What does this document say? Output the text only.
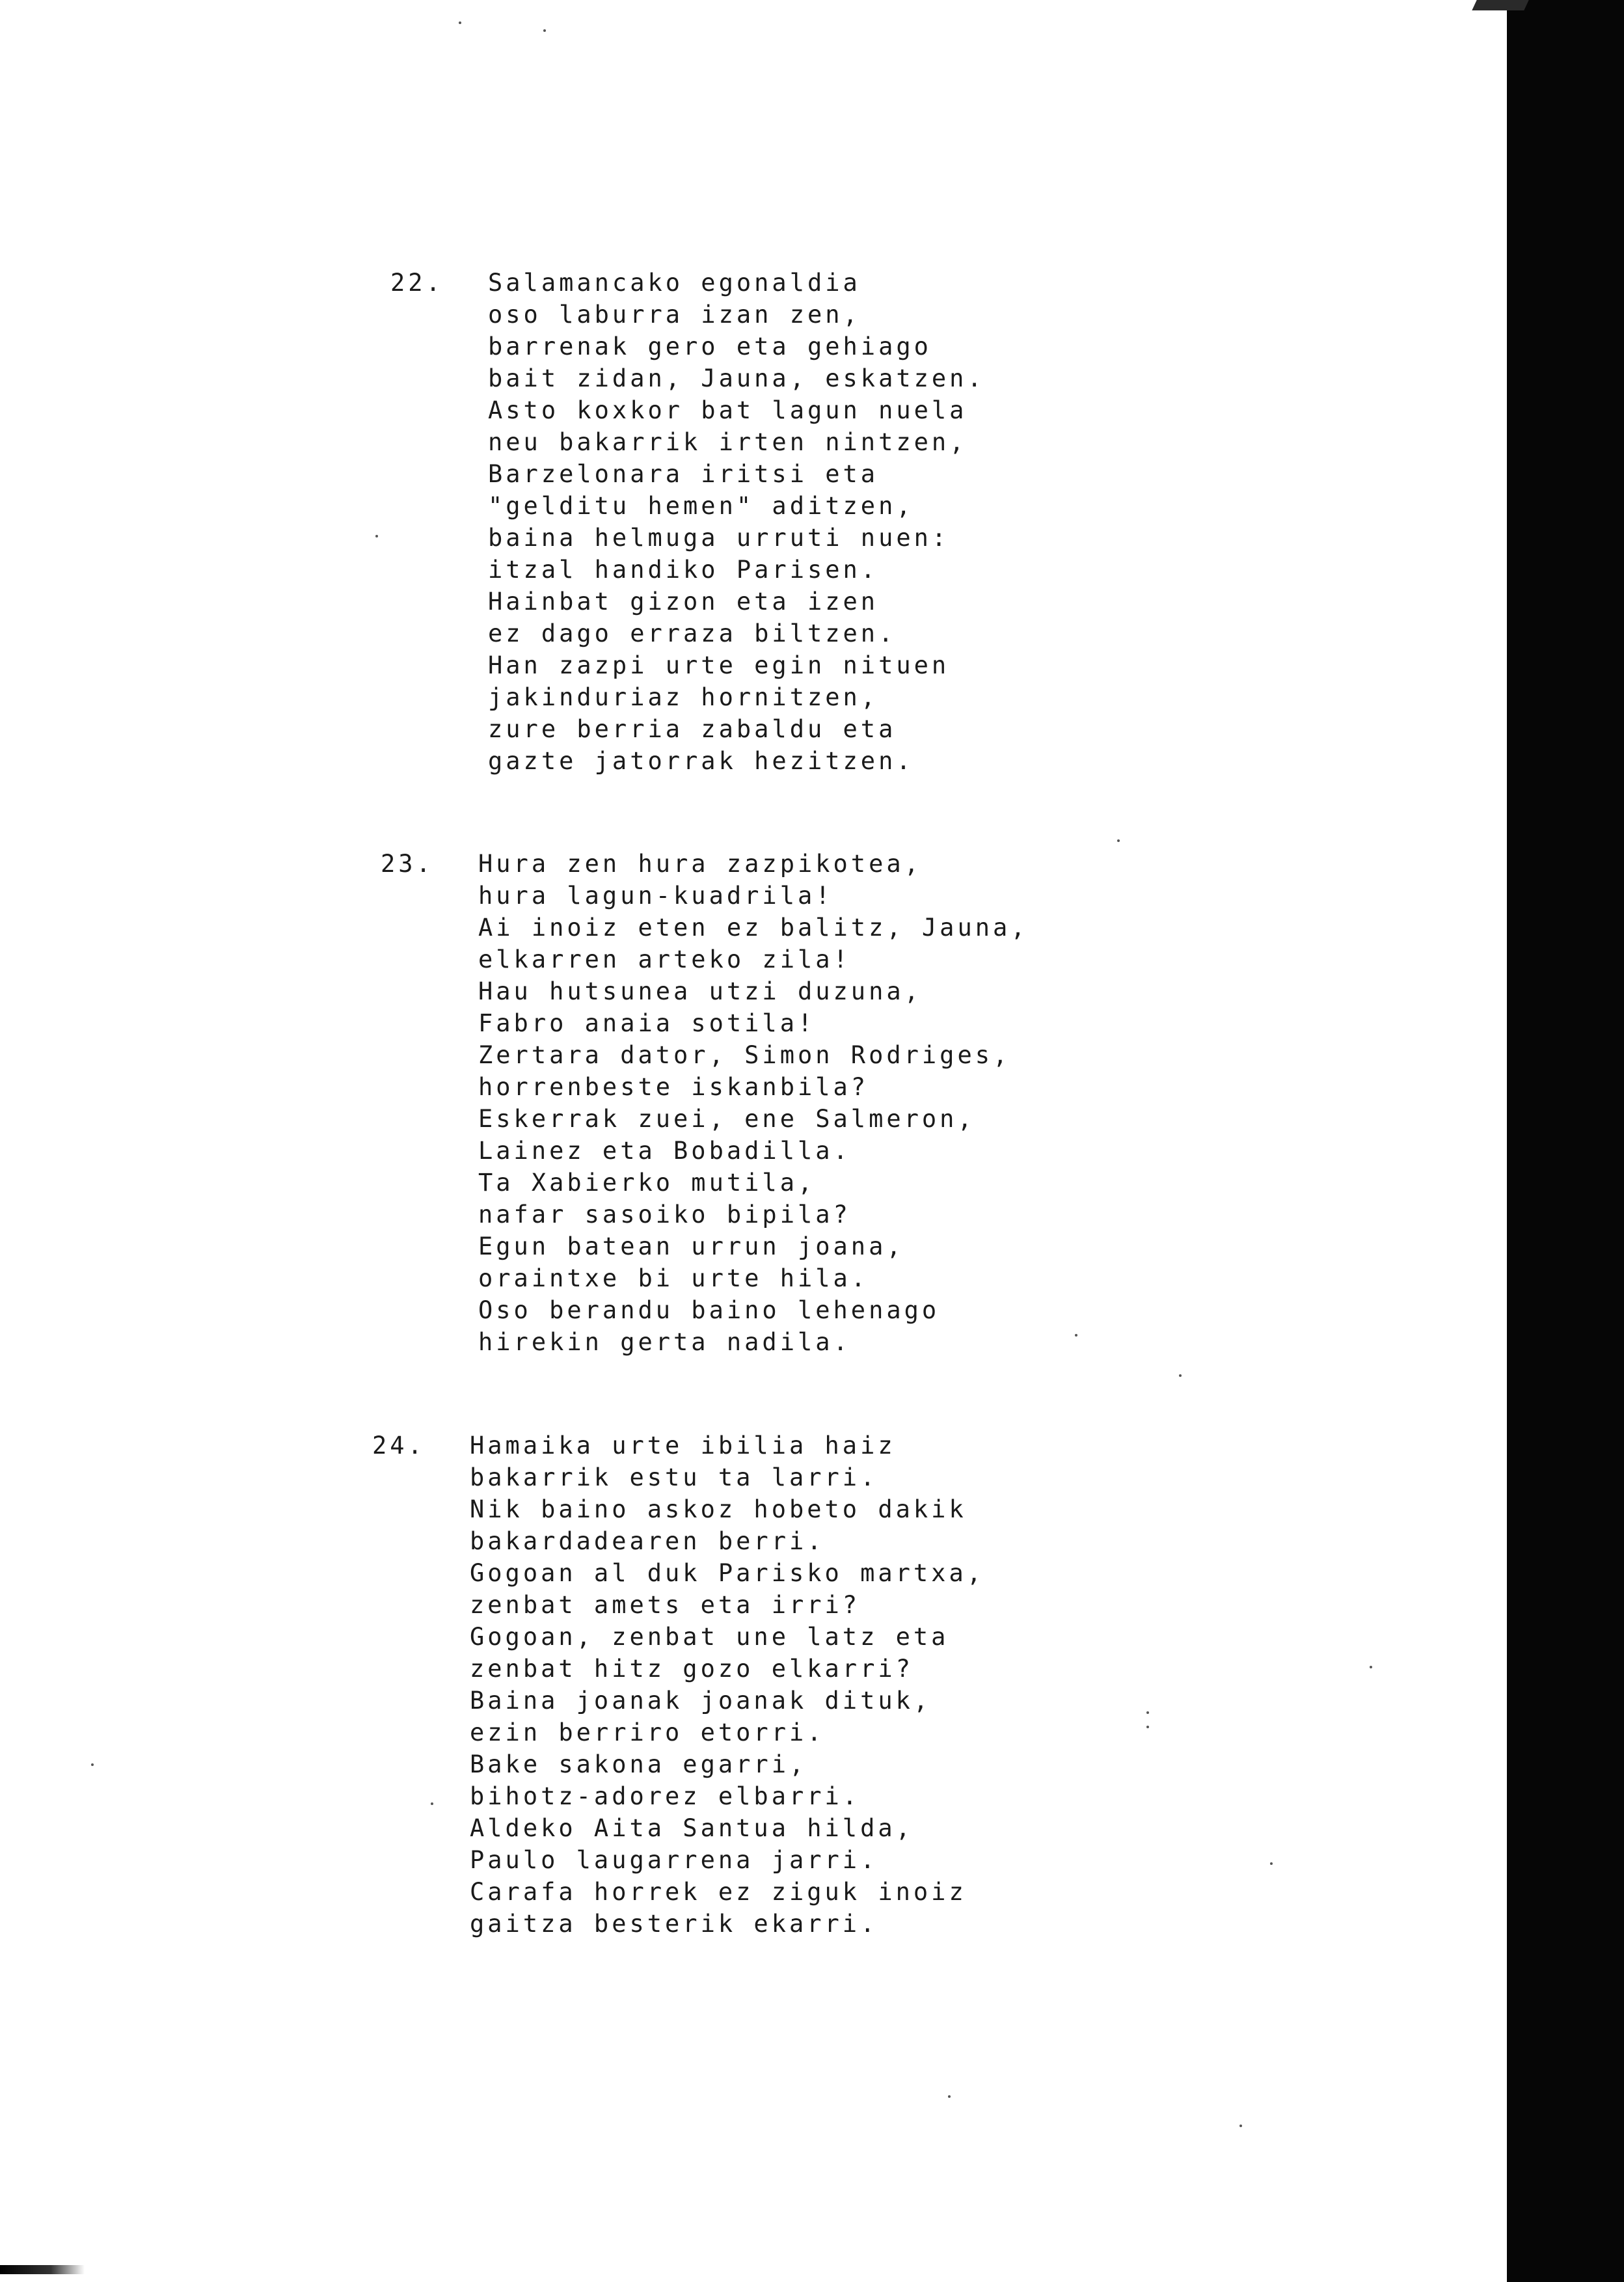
22. Salamancako egonaldia
oso laburra izan zen,
barrenak gero eta gehiago
bait zidan, Jauna, eskatzen.
Asto koxkor bat lagun nuela
neu bakarrik irten nintzen,
Barzelonara iritsi eta
"gelditu hemen" aditzen,
baina helmuga urruti nuen:
itzal handiko Parisen.
Hainbat gizon eta izen
ez dago erraza biltzen.
Han zazpi urte egin nituen
jakinduriaz hornitzen,
zure berria zabaldu eta
gazte jatorrak hezitzen.
23. Hura zen hura zazpikotea,
hura lagun-kuadrila!
Ai inoiz eten ez balitz, Jauna,
elkarren arteko zila!
Hau hutsunea utzi duzuna,
Fabro anaia sotila!
Zertara dator, Simon Rodriges,
horrenbeste iskanbila?
Eskerrak zuei, ene Salmeron,
Lainez eta Bobadilla.
Ta Xabierko mutila,
nafar sasoiko bipila?
Egun batean urrun joana,
oraintxe bi urte hila.
Oso berandu baino lehenago
hirekin gerta nadila.
24. Hamaika urte ibilia haiz
bakarrik estu ta larri.
Nik baino askoz hobeto dakik
bakardadearen berri.
Gogoan al duk Parisko martxa,
zenbat amets eta irri?
Gogoan, zenbat une latz eta
zenbat hitz gozo elkarri?
Baina joanak joanak dituk,
ezin berriro etorri.
Bake sakona egarri,
bihotz-adorez elbarri.
Aldeko Aita Santua hilda,
Paulo laugarrena jarri.
Carafa horrek ez ziguk inoiz
gaitza besterik ekarri.
